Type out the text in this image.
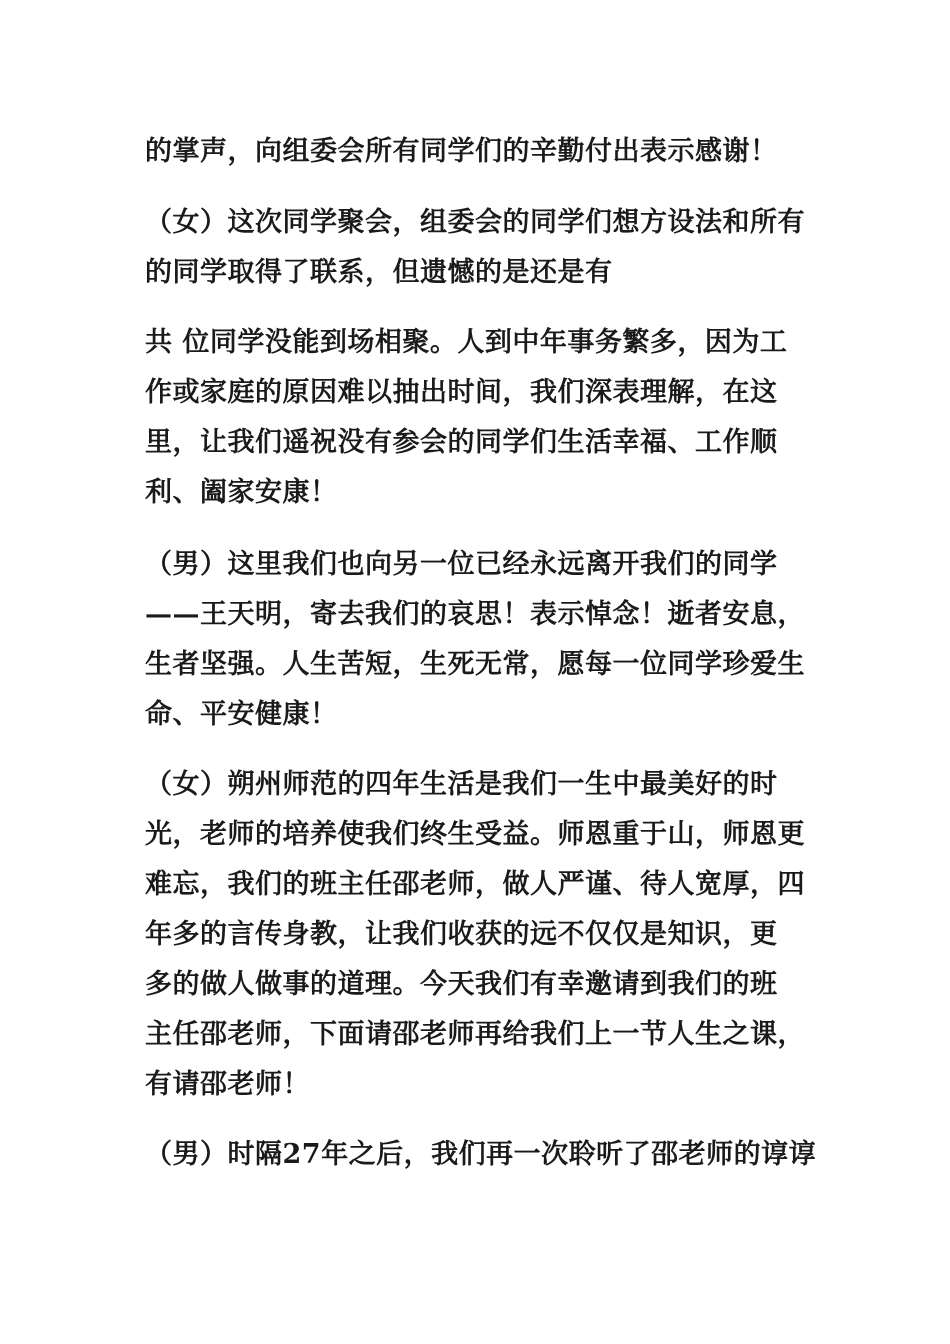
的掌声，向组委会所有同学们的辛勤付出表示感谢！

（女）这次同学聚会，组委会的同学们想方设法和所有
的同学取得了联系，但遗憾的是还是有

共 位同学没能到场相聚。人到中年事务繁多，因为工
作或家庭的原因难以抽出时间，我们深表理解，在这
里，让我们遥祝没有参会的同学们生活幸福、工作顺
利、阖家安康！

（男）这里我们也向另一位已经永远离开我们的同学
——王天明，寄去我们的哀思！表示悼念！逝者安息，
生者坚强。人生苦短，生死无常，愿每一位同学珍爱生
命、平安健康！

（女）朔州师范的四年生活是我们一生中最美好的时
光，老师的培养使我们终生受益。师恩重于山，师恩更
难忘，我们的班主任邵老师，做人严谨、待人宽厚，四
年多的言传身教，让我们收获的远不仅仅是知识，更
多的做人做事的道理。今天我们有幸邀请到我们的班
主任邵老师，下面请邵老师再给我们上一节人生之课，
有请邵老师！

（男）时隔27年之后，我们再一次聆听了邵老师的谆谆
